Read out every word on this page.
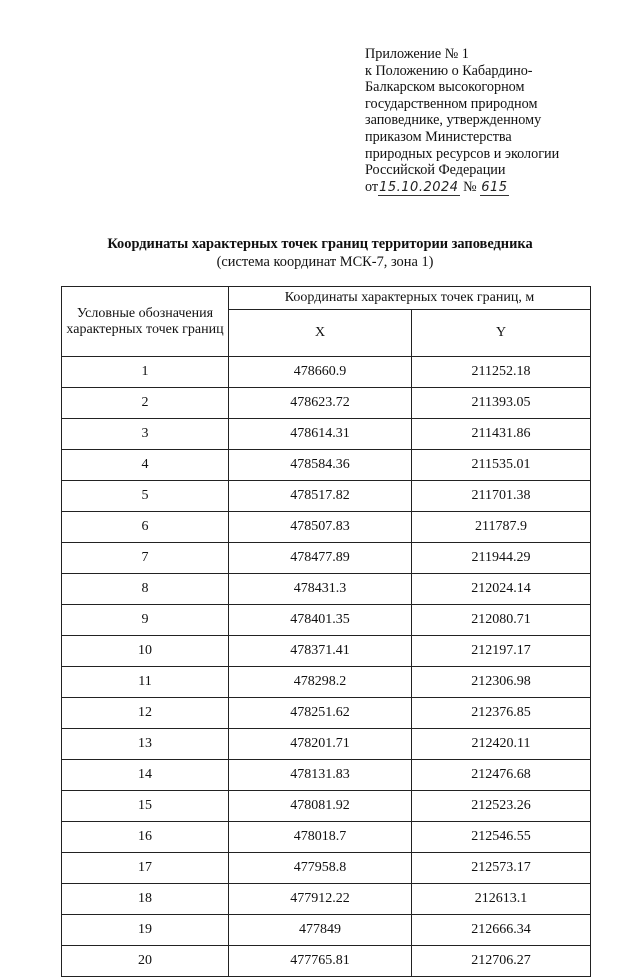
Приложение № 1
к Положению о Кабардино-
Балкарском высокогорном
государственном природном
заповеднике, утвержденному
приказом Министерства
природных ресурсов и экологии
Российской Федерации
от15.10.2024 № 615
Координаты характерных точек границ территории заповедника
(система координат МСК-7, зона 1)
Условные обозначения характерных точек границ	Координаты характерных точек границ, м	
	X	Y
1	478660.9	211252.18
2	478623.72	211393.05
3	478614.31	211431.86
4	478584.36	211535.01
5	478517.82	211701.38
6	478507.83	211787.9
7	478477.89	211944.29
8	478431.3	212024.14
9	478401.35	212080.71
10	478371.41	212197.17
11	478298.2	212306.98
12	478251.62	212376.85
13	478201.71	212420.11
14	478131.83	212476.68
15	478081.92	212523.26
16	478018.7	212546.55
17	477958.8	212573.17
18	477912.22	212613.1
19	477849	212666.34
20	477765.81	212706.27
